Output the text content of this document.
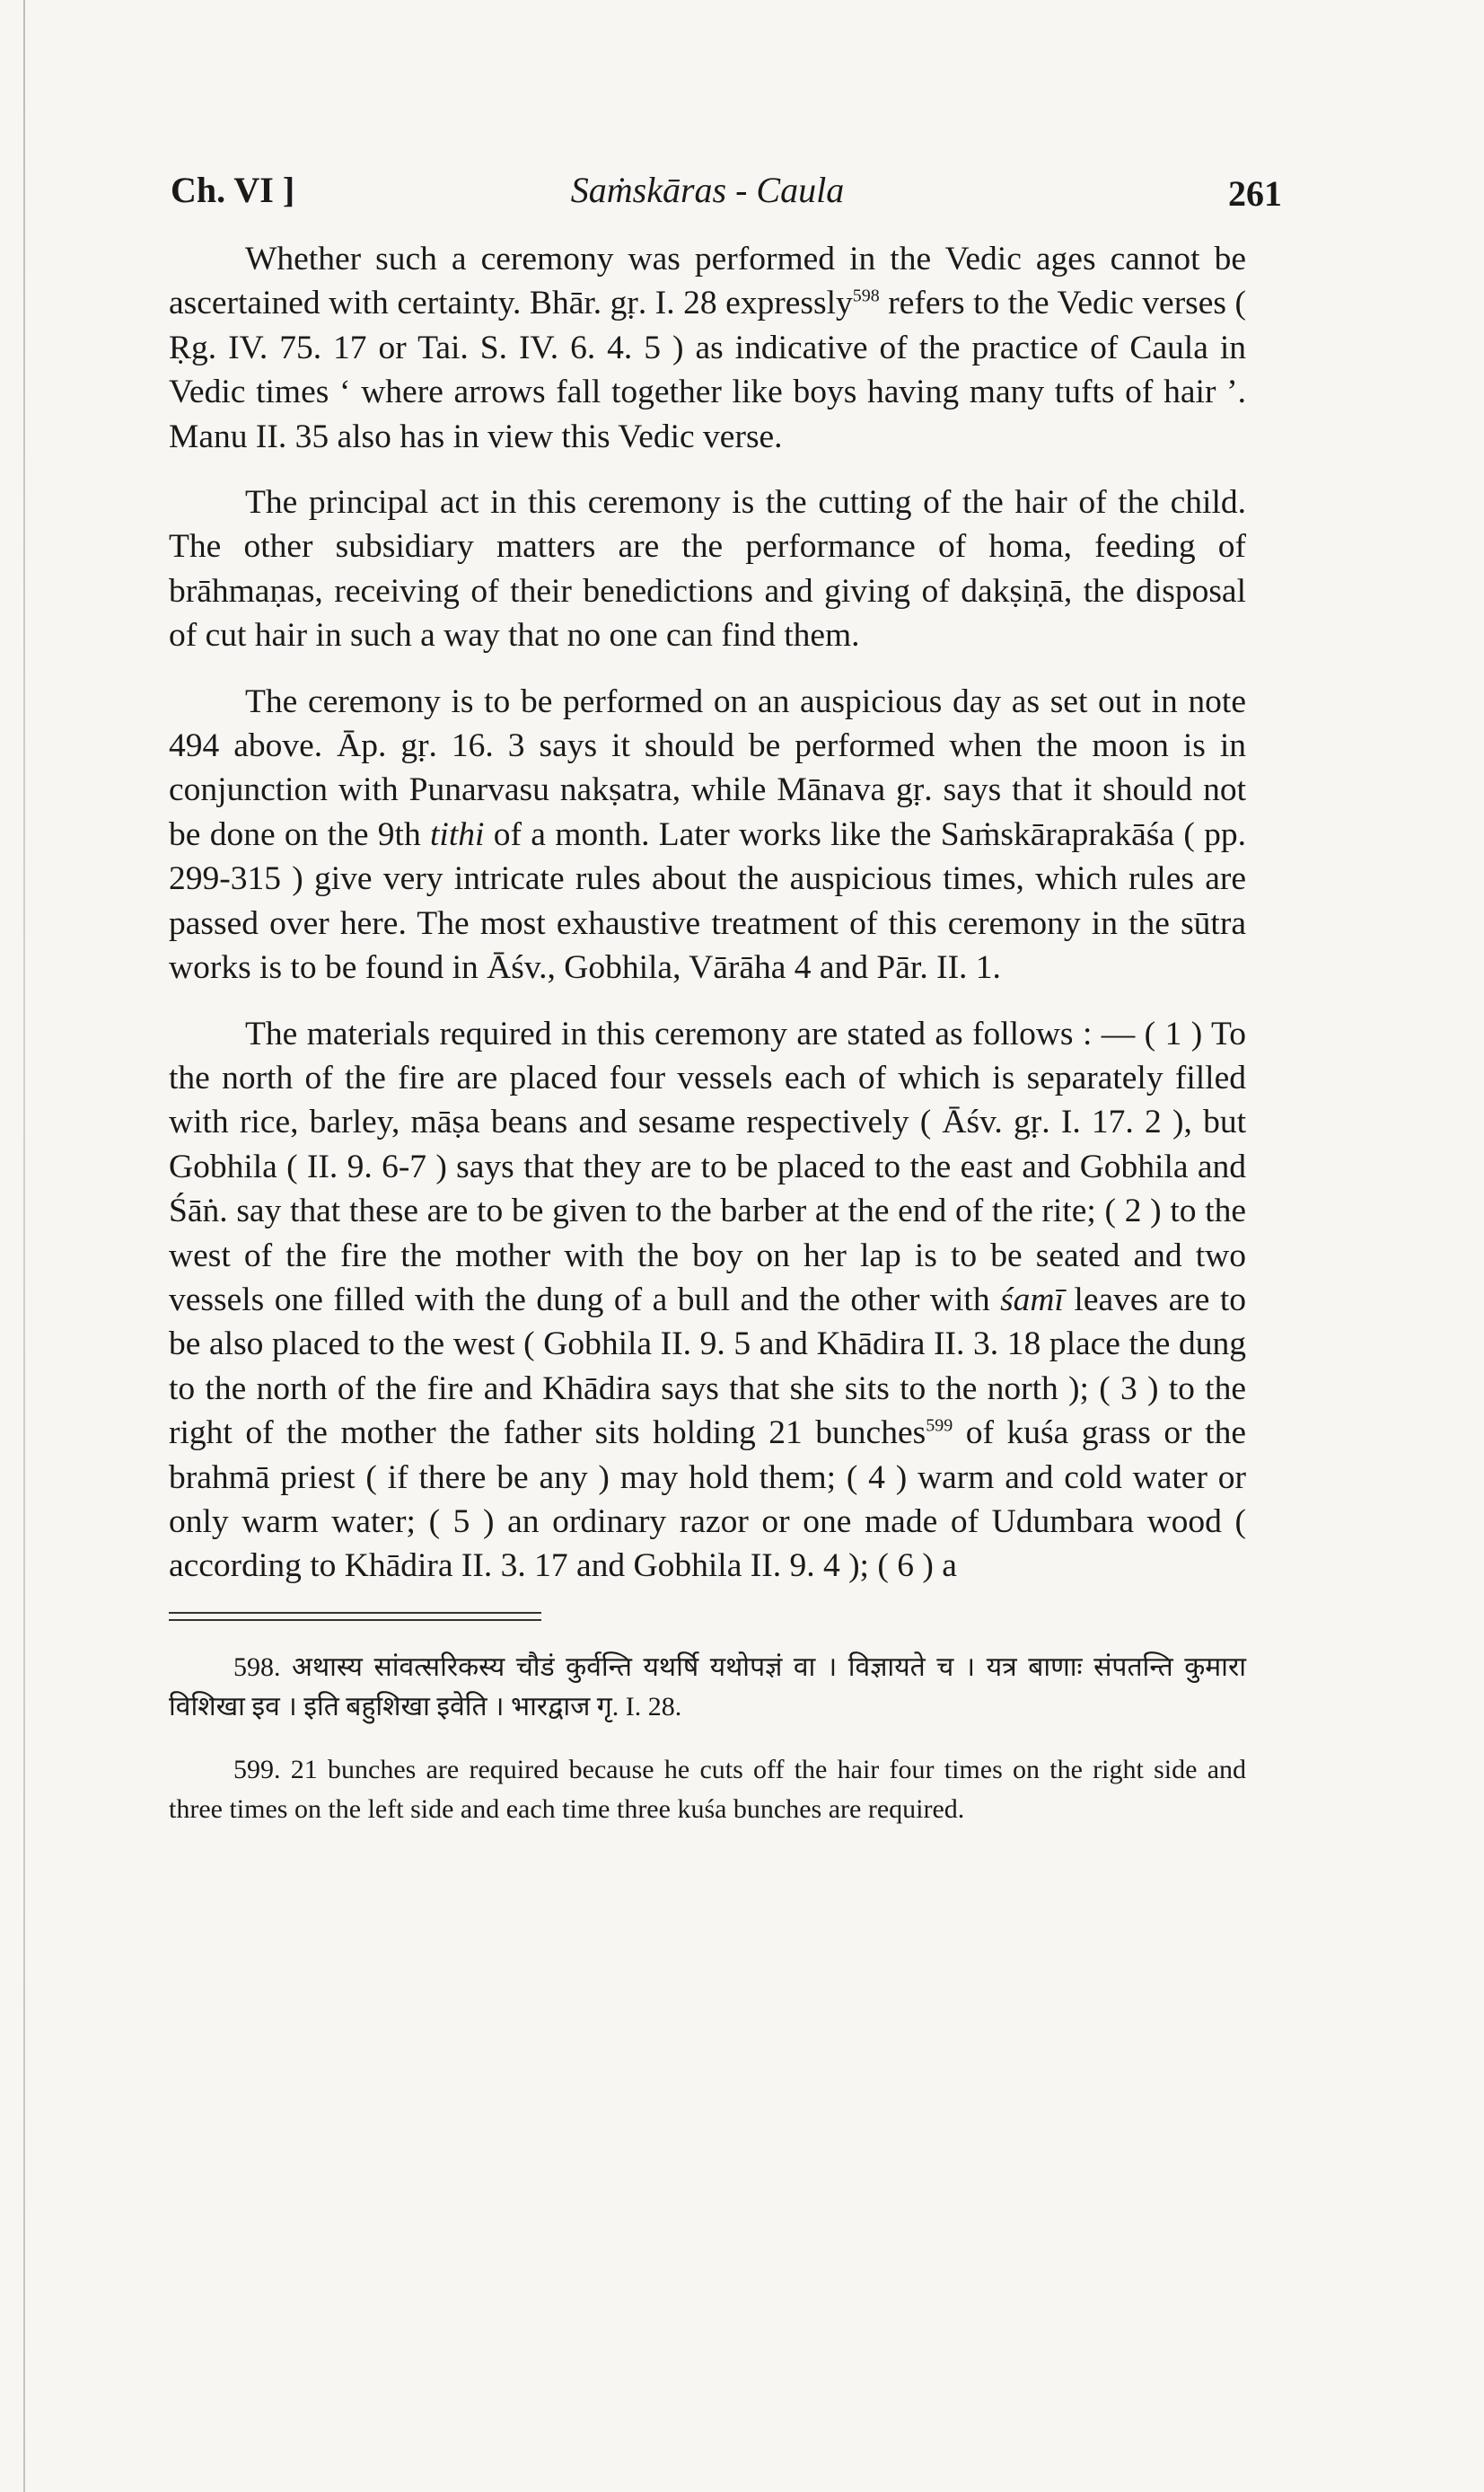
Ch. VI ]	Saṁskāras - Caula	261

Whether such a ceremony was performed in the Vedic ages cannot be ascertained with certainty. Bhār. gṛ. I. 28 expressly$^{598}$ refers to the Vedic verses ( Ṛg. IV. 75. 17 or Tai. S. IV. 6. 4. 5 ) as indicative of the practice of Caula in Vedic times ‘ where arrows fall together like boys having many tufts of hair ’. Manu II. 35 also has in view this Vedic verse.

The principal act in this ceremony is the cutting of the hair of the child. The other subsidiary matters are the performance of homa, feeding of brāhmaṇas, receiving of their benedictions and giving of dakṣiṇā, the disposal of cut hair in such a way that no one can find them.

The ceremony is to be performed on an auspicious day as set out in note 494 above. Āp. gṛ. 16. 3 says it should be performed when the moon is in conjunction with Punarvasu nakṣatra, while Mānava gṛ. says that it should not be done on the 9th tithi of a month. Later works like the Saṁskāraprakāśa ( pp. 299-315 ) give very intricate rules about the auspicious times, which rules are passed over here. The most exhaustive treatment of this ceremony in the sūtra works is to be found in Āśv., Gobhila, Vārāha 4 and Pār. II. 1.

The materials required in this ceremony are stated as follows : — ( 1 ) To the north of the fire are placed four vessels each of which is separately filled with rice, barley, māṣa beans and sesame respectively ( Āśv. gṛ. I. 17. 2 ), but Gobhila ( II. 9. 6-7 ) says that they are to be placed to the east and Gobhila and Śāṅ. say that these are to be given to the barber at the end of the rite; ( 2 ) to the west of the fire the mother with the boy on her lap is to be seated and two vessels one filled with the dung of a bull and the other with śamī leaves are to be also placed to the west ( Gobhila II. 9. 5 and Khādira II. 3. 18 place the dung to the north of the fire and Khādira says that she sits to the north ); ( 3 ) to the right of the mother the father sits holding 21 bunches$^{599}$ of kuśa grass or the brahmā priest ( if there be any ) may hold them; ( 4 ) warm and cold water or only warm water; ( 5 ) an ordinary razor or one made of Udumbara wood ( according to Khādira II. 3. 17 and Gobhila II. 9. 4 ); ( 6 ) a

598. अथास्य सांवत्सरिकस्य चौडं कुर्वन्ति यथर्षि यथोपज्ञं वा । विज्ञायते च । यत्र बाणाः संपतन्ति कुमारा विशिखा इव । इति बहुशिखा इवेति । भारद्वाज गृ. I. 28.

599. 21 bunches are required because he cuts off the hair four times on the right side and three times on the left side and each time three kuśa bunches are required.
